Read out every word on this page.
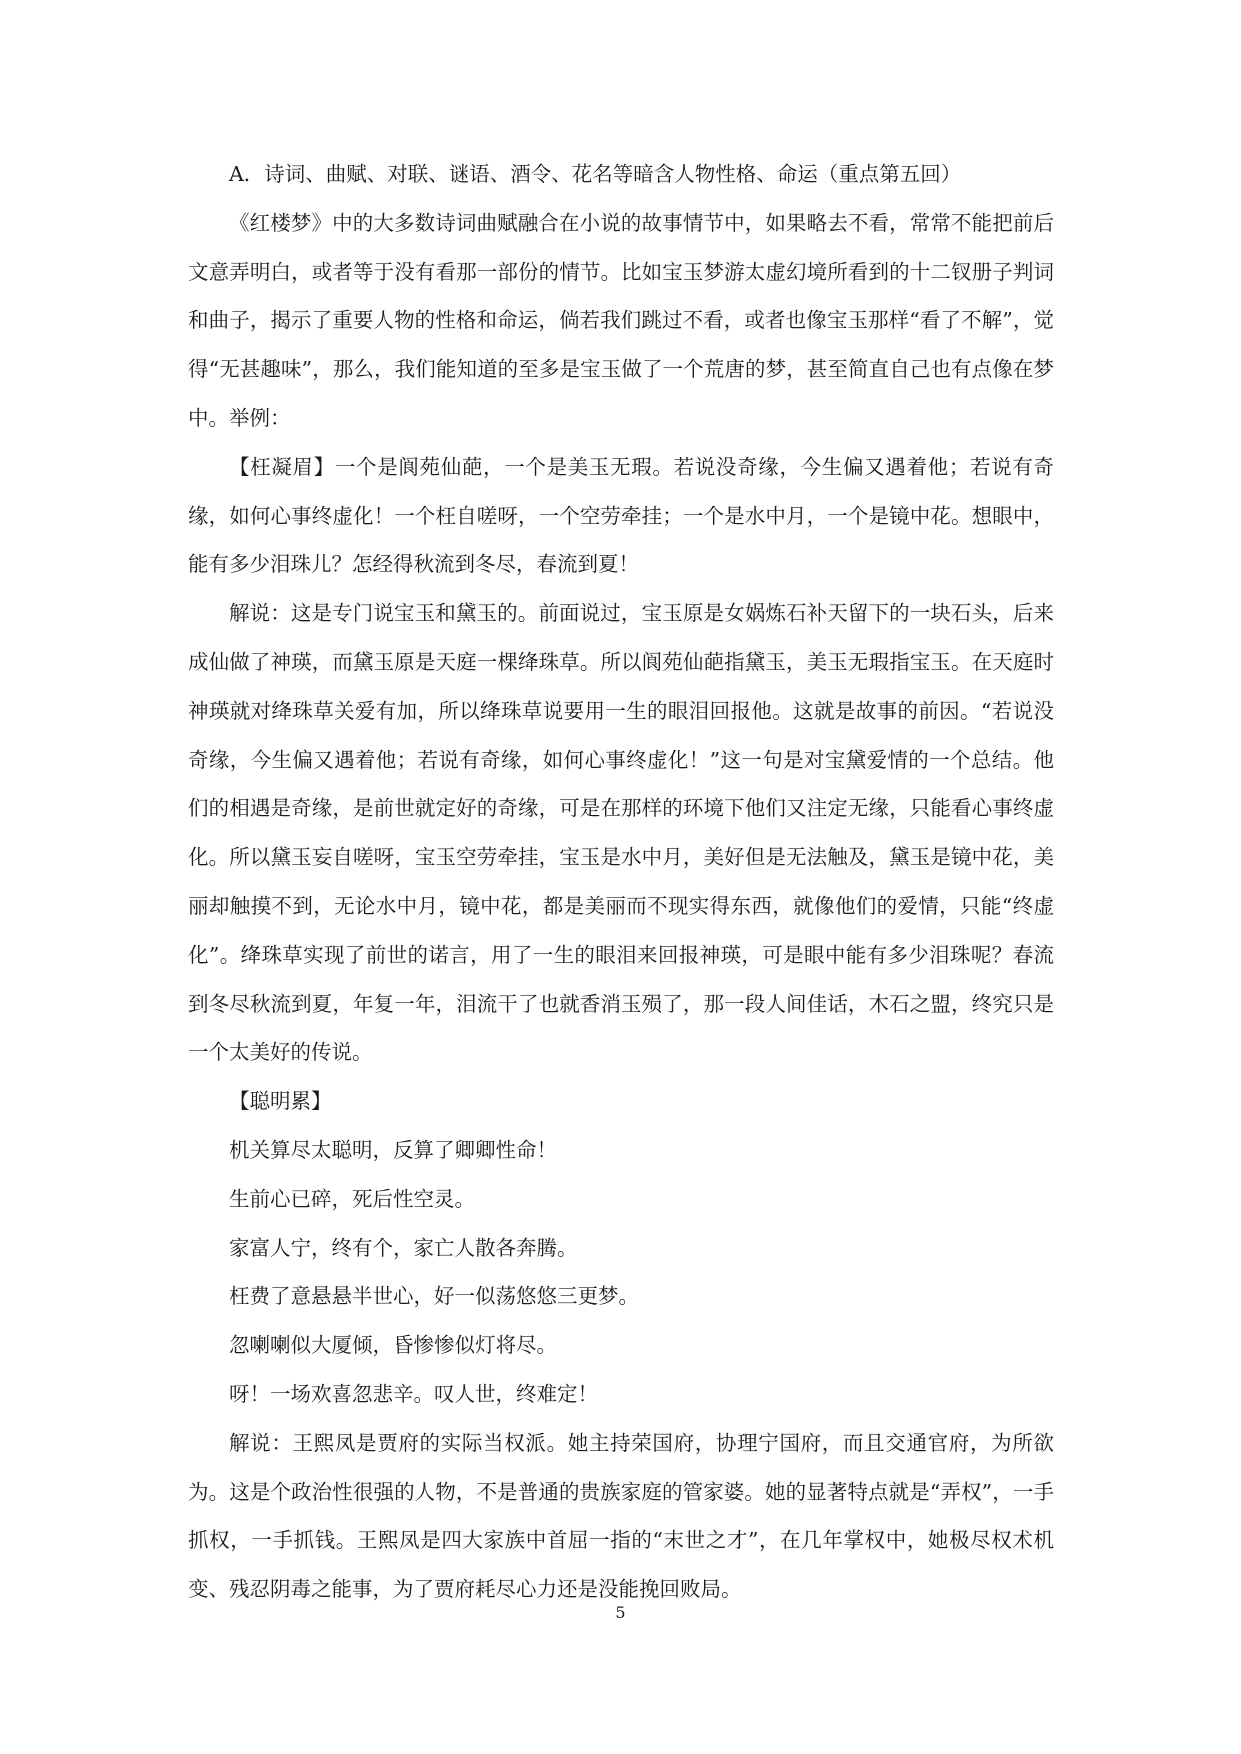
A．诗词、曲赋、对联、谜语、酒令、花名等暗含人物性格、命运（重点第五回）

《红楼梦》中的大多数诗词曲赋融合在小说的故事情节中，如果略去不看，常常不能把前后文意弄明白，或者等于没有看那一部份的情节。比如宝玉梦游太虚幻境所看到的十二钗册子判词和曲子，揭示了重要人物的性格和命运，倘若我们跳过不看，或者也像宝玉那样“看了不解”，觉得“无甚趣味”，那么，我们能知道的至多是宝玉做了一个荒唐的梦，甚至简直自己也有点像在梦中。举例：

【枉凝眉】一个是阆苑仙葩，一个是美玉无瑕。若说没奇缘，今生偏又遇着他；若说有奇缘，如何心事终虚化！一个枉自嗟呀，一个空劳牵挂；一个是水中月，一个是镜中花。想眼中，能有多少泪珠儿？怎经得秋流到冬尽，春流到夏！

解说：这是专门说宝玉和黛玉的。前面说过，宝玉原是女娲炼石补天留下的一块石头，后来成仙做了神瑛，而黛玉原是天庭一棵绛珠草。所以阆苑仙葩指黛玉，美玉无瑕指宝玉。在天庭时神瑛就对绛珠草关爱有加，所以绛珠草说要用一生的眼泪回报他。这就是故事的前因。“若说没奇缘，今生偏又遇着他；若说有奇缘，如何心事终虚化！”这一句是对宝黛爱情的一个总结。他们的相遇是奇缘，是前世就定好的奇缘，可是在那样的环境下他们又注定无缘，只能看心事终虚化。所以黛玉妄自嗟呀，宝玉空劳牵挂，宝玉是水中月，美好但是无法触及，黛玉是镜中花，美丽却触摸不到，无论水中月，镜中花，都是美丽而不现实得东西，就像他们的爱情，只能“终虚化”。绛珠草实现了前世的诺言，用了一生的眼泪来回报神瑛，可是眼中能有多少泪珠呢？春流到冬尽秋流到夏，年复一年，泪流干了也就香消玉殒了，那一段人间佳话，木石之盟，终究只是一个太美好的传说。

【聪明累】

机关算尽太聪明，反算了卿卿性命！

生前心已碎，死后性空灵。

家富人宁，终有个，家亡人散各奔腾。

枉费了意悬悬半世心，好一似荡悠悠三更梦。

忽喇喇似大厦倾，昏惨惨似灯将尽。

呀！一场欢喜忽悲辛。叹人世，终难定！

解说：王熙凤是贾府的实际当权派。她主持荣国府，协理宁国府，而且交通官府，为所欲为。这是个政治性很强的人物，不是普通的贵族家庭的管家婆。她的显著特点就是“弄权”，一手抓权，一手抓钱。王熙凤是四大家族中首屈一指的“末世之才”，在几年掌权中，她极尽权术机变、残忍阴毒之能事，为了贾府耗尽心力还是没能挽回败局。

5
